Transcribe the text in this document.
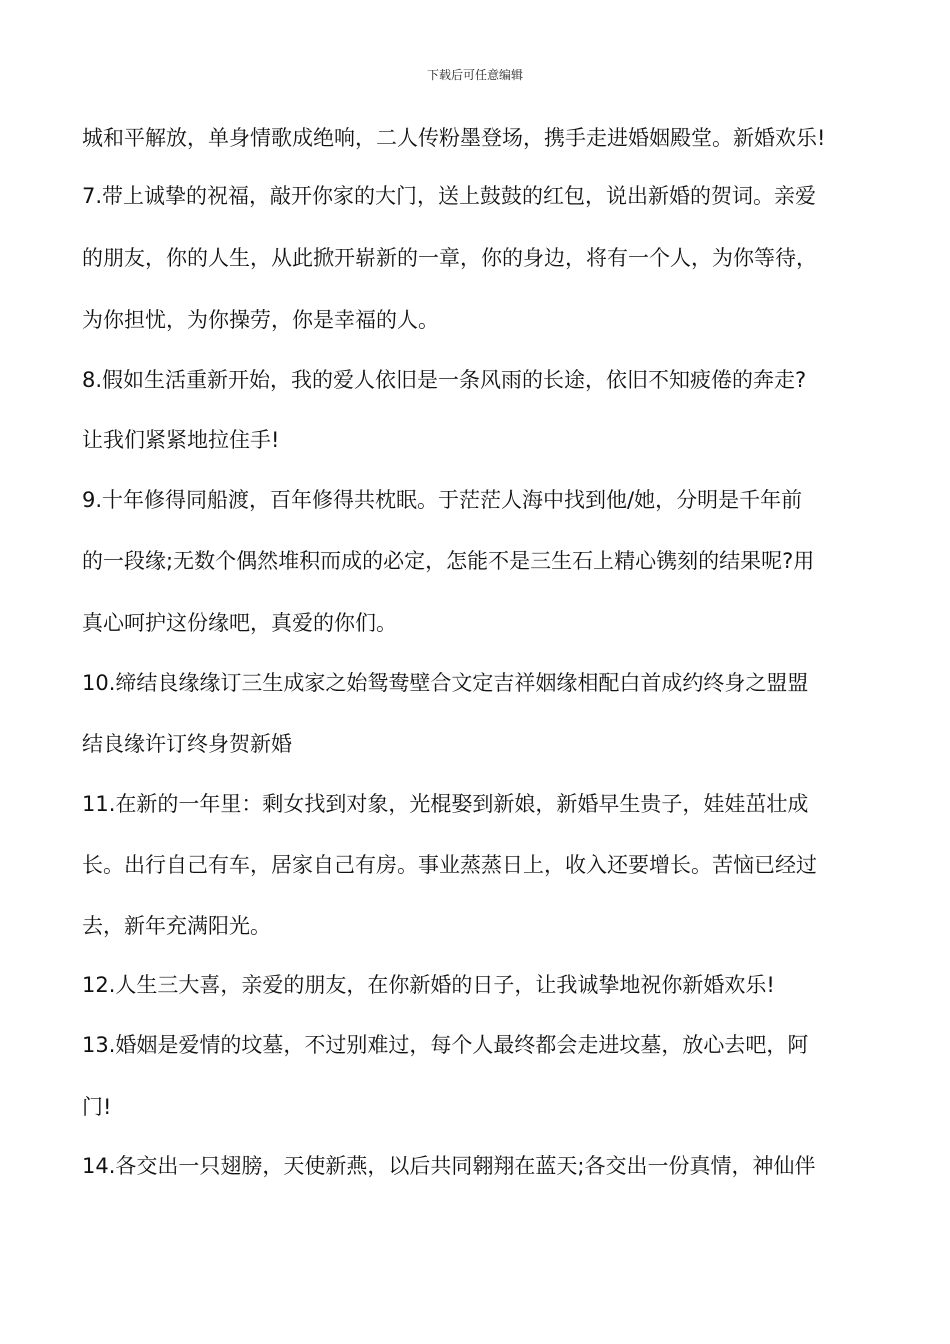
下载后可任意编辑
城和平解放，单身情歌成绝响，二人传粉墨登场，携手走进婚姻殿堂。新婚欢乐!
7.带上诚挚的祝福，敲开你家的大门，送上鼓鼓的红包，说出新婚的贺词。亲爱
的朋友，你的人生，从此掀开崭新的一章，你的身边，将有一个人，为你等待，
为你担忧，为你操劳，你是幸福的人。
8.假如生活重新开始，我的爱人依旧是一条风雨的长途，依旧不知疲倦的奔走?
让我们紧紧地拉住手!
9.十年修得同船渡，百年修得共枕眠。于茫茫人海中找到他/她，分明是千年前
的一段缘;无数个偶然堆积而成的必定，怎能不是三生石上精心镌刻的结果呢?用
真心呵护这份缘吧，真爱的你们。
10.缔结良缘缘订三生成家之始鸳鸯壁合文定吉祥姻缘相配白首成约终身之盟盟
结良缘许订终身贺新婚
11.在新的一年里：剩女找到对象，光棍娶到新娘，新婚早生贵子，娃娃茁壮成
长。出行自己有车，居家自己有房。事业蒸蒸日上，收入还要增长。苦恼已经过
去，新年充满阳光。
12.人生三大喜，亲爱的朋友，在你新婚的日子，让我诚挚地祝你新婚欢乐!
13.婚姻是爱情的坟墓，不过别难过，每个人最终都会走进坟墓，放心去吧，阿
门!
14.各交出一只翅膀，天使新燕，以后共同翱翔在蓝天;各交出一份真情，神仙伴
